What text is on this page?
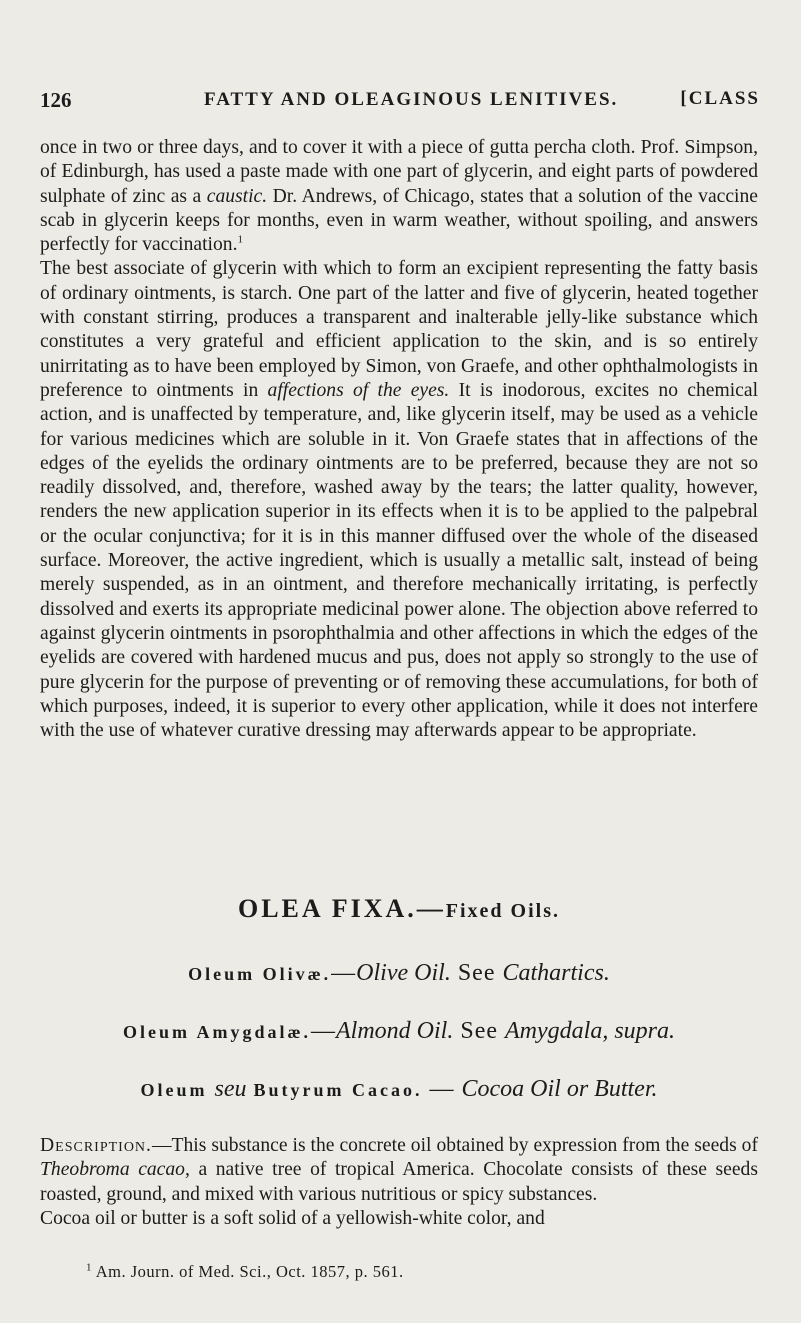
126	FATTY AND OLEAGINOUS LENITIVES.	[CLASS

once in two or three days, and to cover it with a piece of gutta percha cloth. Prof. Simpson, of Edinburgh, has used a paste made with one part of glycerin, and eight parts of powdered sulphate of zinc as a caustic. Dr. Andrews, of Chicago, states that a solution of the vaccine scab in glycerin keeps for months, even in warm weather, without spoiling, and answers perfectly for vaccination.$^1$

The best associate of glycerin with which to form an excipient representing the fatty basis of ordinary ointments, is starch. One part of the latter and five of glycerin, heated together with constant stirring, produces a transparent and inalterable jelly-like substance which constitutes a very grateful and efficient application to the skin, and is so entirely unirritating as to have been employed by Simon, von Graefe, and other ophthalmologists in preference to ointments in affections of the eyes. It is inodorous, excites no chemical action, and is unaffected by temperature, and, like glycerin itself, may be used as a vehicle for various medicines which are soluble in it. Von Graefe states that in affections of the edges of the eyelids the ordinary ointments are to be preferred, because they are not so readily dissolved, and, therefore, washed away by the tears; the latter quality, however, renders the new application superior in its effects when it is to be applied to the palpebral or the ocular conjunctiva; for it is in this manner diffused over the whole of the diseased surface. Moreover, the active ingredient, which is usually a metallic salt, instead of being merely suspended, as in an ointment, and therefore mechanically irritating, is perfectly dissolved and exerts its appropriate medicinal power alone. The objection above referred to against glycerin ointments in psorophthalmia and other affections in which the edges of the eyelids are covered with hardened mucus and pus, does not apply so strongly to the use of pure glycerin for the purpose of preventing or of removing these accumulations, for both of which purposes, indeed, it is superior to every other application, while it does not interfere with the use of whatever curative dressing may afterwards appear to be appropriate.

OLEA FIXA.—Fixed Oils.
Oleum Olivæ.—Olive Oil. See Cathartics.
Oleum Amygdalæ.—Almond Oil. See Amygdala, supra.
Oleum seu Butyrum Cacao. — Cocoa Oil or Butter.

Description.—This substance is the concrete oil obtained by expression from the seeds of Theobroma cacao, a native tree of tropical America. Chocolate consists of these seeds roasted, ground, and mixed with various nutritious or spicy substances.

Cocoa oil or butter is a soft solid of a yellowish-white color, and

$^1$ Am. Journ. of Med. Sci., Oct. 1857, p. 561.
